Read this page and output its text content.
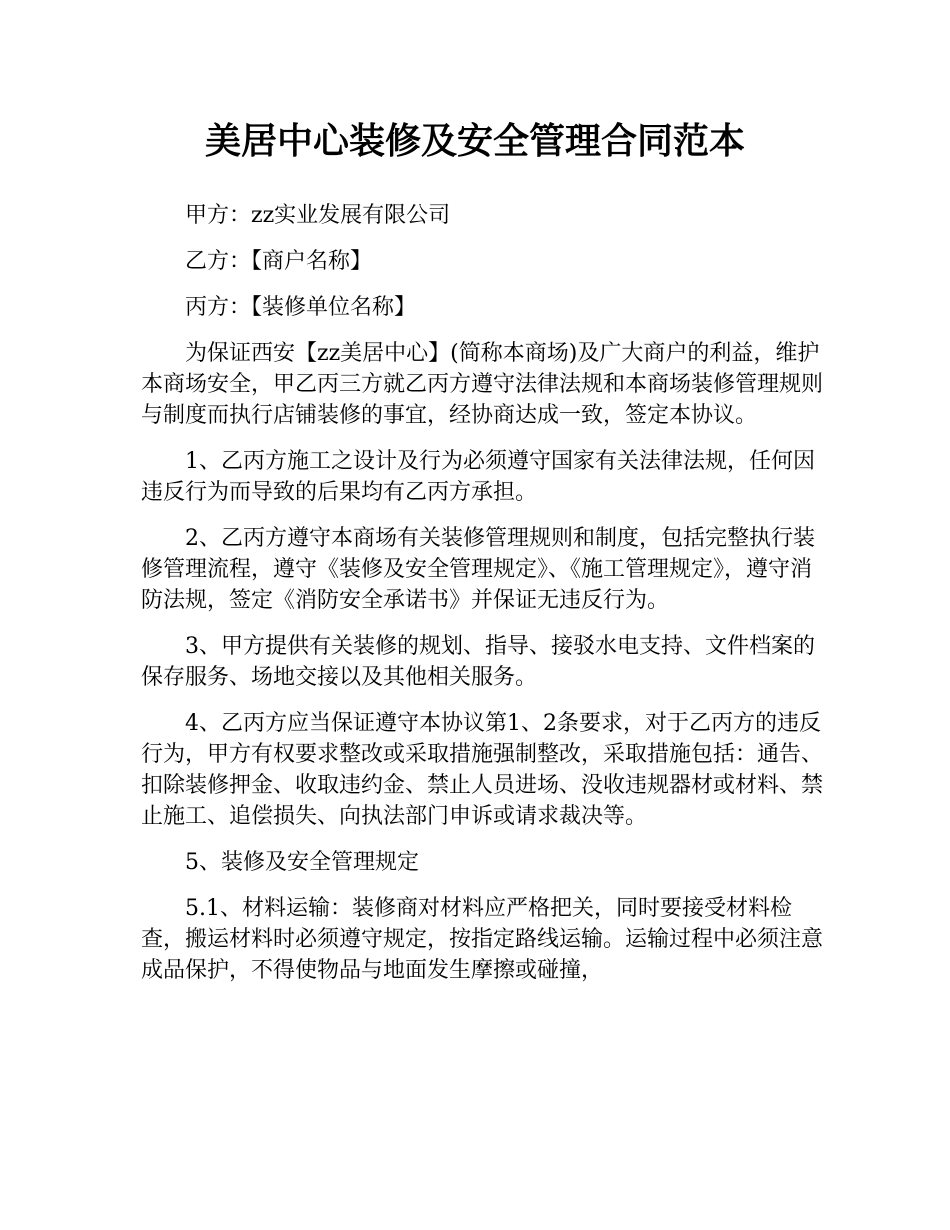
美居中心装修及安全管理合同范本

甲方：zz实业发展有限公司

乙方：【商户名称】

丙方：【装修单位名称】

为保证西安【zz美居中心】(简称本商场)及广大商户的利益，维护本商场安全，甲乙丙三方就乙丙方遵守法律法规和本商场装修管理规则与制度而执行店铺装修的事宜，经协商达成一致，签定本协议。

1、乙丙方施工之设计及行为必须遵守国家有关法律法规，任何因违反行为而导致的后果均有乙丙方承担。

2、乙丙方遵守本商场有关装修管理规则和制度，包括完整执行装修管理流程，遵守《装修及安全管理规定》、《施工管理规定》，遵守消防法规，签定《消防安全承诺书》并保证无违反行为。

3、甲方提供有关装修的规划、指导、接驳水电支持、文件档案的保存服务、场地交接以及其他相关服务。

4、乙丙方应当保证遵守本协议第1、2条要求，对于乙丙方的违反行为，甲方有权要求整改或采取措施强制整改，采取措施包括：通告、扣除装修押金、收取违约金、禁止人员进场、没收违规器材或材料、禁止施工、追偿损失、向执法部门申诉或请求裁决等。

5、装修及安全管理规定

5.1、材料运输：装修商对材料应严格把关，同时要接受材料检查，搬运材料时必须遵守规定，按指定路线运输。运输过程中必须注意成品保护，不得使物品与地面发生摩擦或碰撞，
